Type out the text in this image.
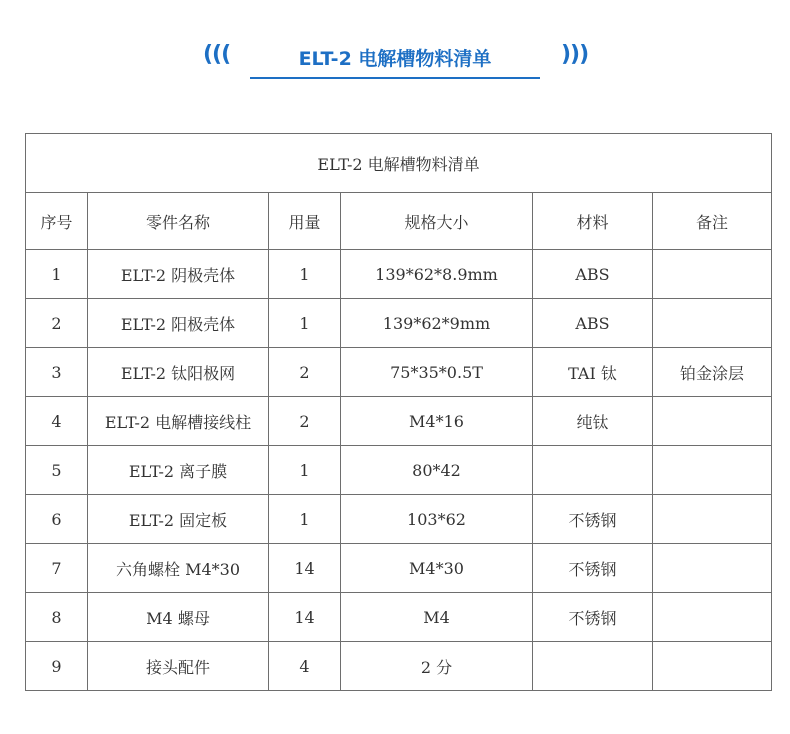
(((	ELT-2 电解槽物料清单	)))
ELT-2 电解槽物料清单					
序号	零件名称	用量	规格大小	材料	备注
1	ELT-2 阴极壳体	1	139*62*8.9mm	ABS	
2	ELT-2 阳极壳体	1	139*62*9mm	ABS	
3	ELT-2 钛阳极网	2	75*35*0.5T	TAI 钛	铂金涂层
4	ELT-2 电解槽接线柱	2	M4*16	纯钛	
5	ELT-2 离子膜	1	80*42		
6	ELT-2 固定板	1	103*62	不锈钢	
7	六角螺栓 M4*30	14	M4*30	不锈钢	
8	M4 螺母	14	M4	不锈钢	
9	接头配件	4	2 分		
